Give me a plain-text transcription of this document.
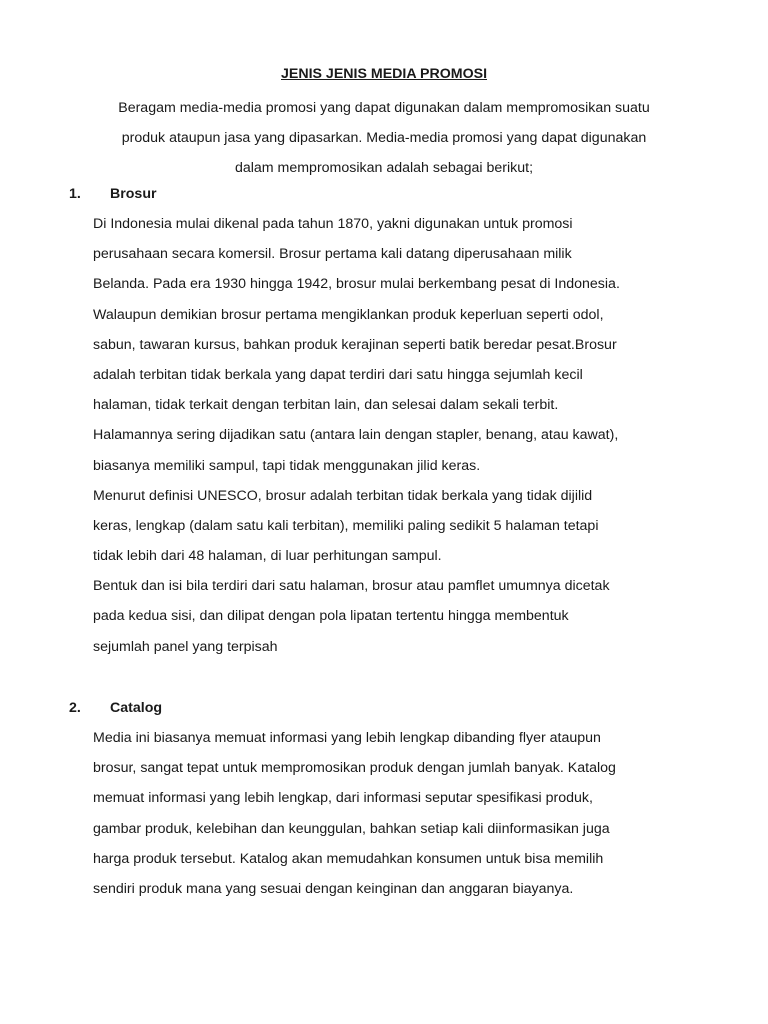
JENIS JENIS MEDIA PROMOSI
Beragam media-media promosi yang dapat digunakan dalam mempromosikan suatu
produk ataupun jasa yang dipasarkan. Media-media promosi yang dapat digunakan
dalam mempromosikan adalah sebagai berikut;
1.	Brosur
Di Indonesia mulai dikenal pada tahun 1870, yakni digunakan untuk promosi
perusahaan secara komersil. Brosur pertama kali datang diperusahaan milik
Belanda. Pada era 1930 hingga 1942, brosur mulai berkembang pesat di Indonesia.
Walaupun demikian brosur pertama mengiklankan produk keperluan seperti odol,
sabun, tawaran kursus, bahkan produk kerajinan seperti batik beredar pesat.Brosur
adalah terbitan tidak berkala yang dapat terdiri dari satu hingga sejumlah kecil
halaman, tidak terkait dengan terbitan lain, dan selesai dalam sekali terbit.
Halamannya sering dijadikan satu (antara lain dengan stapler, benang, atau kawat),
biasanya memiliki sampul, tapi tidak menggunakan jilid keras.
Menurut definisi UNESCO, brosur adalah terbitan tidak berkala yang tidak dijilid
keras, lengkap (dalam satu kali terbitan), memiliki paling sedikit 5 halaman tetapi
tidak lebih dari 48 halaman, di luar perhitungan sampul.
Bentuk dan isi bila terdiri dari satu halaman, brosur atau pamflet umumnya dicetak
pada kedua sisi, dan dilipat dengan pola lipatan tertentu hingga membentuk
sejumlah panel yang terpisah
2.	Catalog
Media ini biasanya memuat informasi yang lebih lengkap dibanding flyer ataupun
brosur, sangat tepat untuk mempromosikan produk dengan jumlah banyak. Katalog
memuat informasi yang lebih lengkap, dari informasi seputar spesifikasi produk,
gambar produk, kelebihan dan keunggulan, bahkan setiap kali diinformasikan juga
harga produk tersebut. Katalog akan memudahkan konsumen untuk bisa memilih
sendiri produk mana yang sesuai dengan keinginan dan anggaran biayanya.
